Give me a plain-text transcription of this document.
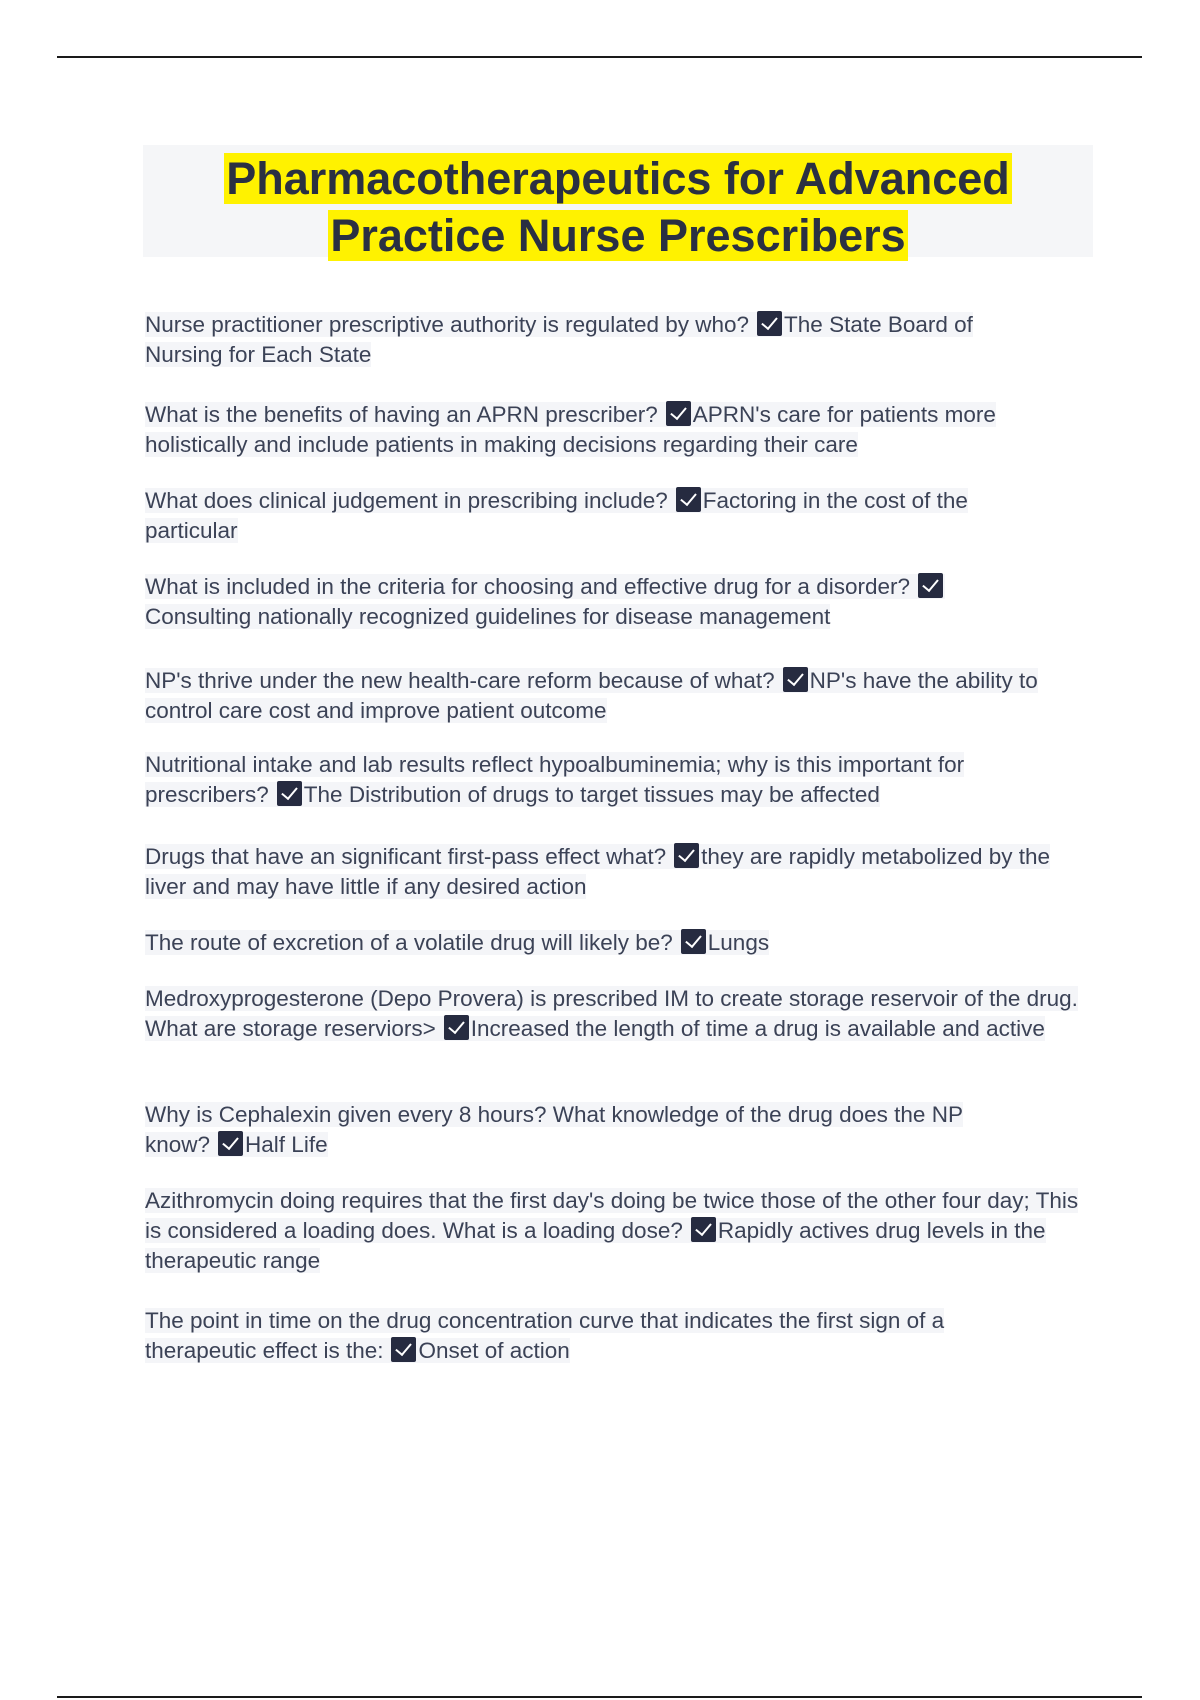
Pharmacotherapeutics for Advanced
Practice Nurse Prescribers
Nurse practitioner prescriptive authority is regulated by who? The State Board of Nursing for Each State
What is the benefits of having an APRN prescriber? APRN's care for patients more holistically and include patients in making decisions regarding their care
What does clinical judgement in prescribing include? Factoring in the cost of the particular
What is included in the criteria for choosing and effective drug for a disorder? Consulting nationally recognized guidelines for disease management
NP's thrive under the new health-care reform because of what? NP's have the ability to control care cost and improve patient outcome
Nutritional intake and lab results reflect hypoalbuminemia; why is this important for prescribers? The Distribution of drugs to target tissues may be affected
Drugs that have an significant first-pass effect what? they are rapidly metabolized by the liver and may have little if any desired action
The route of excretion of a volatile drug will likely be? Lungs
Medroxyprogesterone (Depo Provera) is prescribed IM to create storage reservoir of the drug. What are storage reserviors> Increased the length of time a drug is available and active
Why is Cephalexin given every 8 hours? What knowledge of the drug does the NP know? Half Life
Azithromycin doing requires that the first day's doing be twice those of the other four day; This is considered a loading does. What is a loading dose? Rapidly actives drug levels in the therapeutic range
The point in time on the drug concentration curve that indicates the first sign of a therapeutic effect is the: Onset of action
